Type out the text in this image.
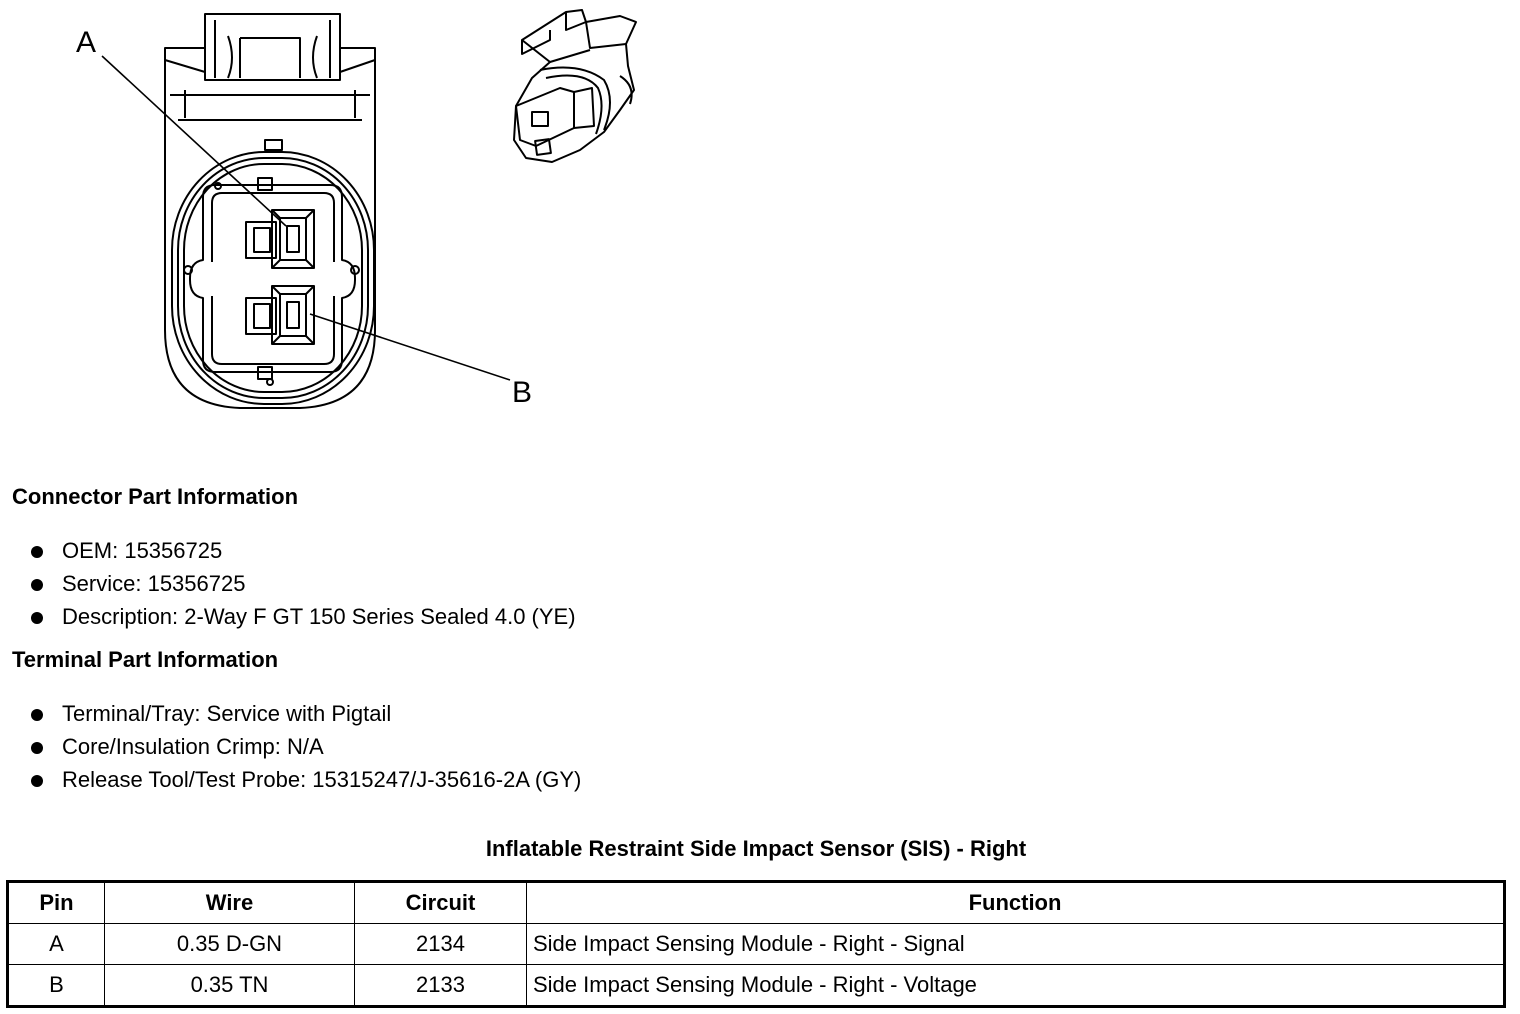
A
B
Connector Part Information
OEM: 15356725
Service: 15356725
Description: 2-Way F GT 150 Series Sealed 4.0 (YE)
Terminal Part Information
Terminal/Tray: Service with Pigtail
Core/Insulation Crimp: N/A
Release Tool/Test Probe: 15315247/J-35616-2A (GY)
Inflatable Restraint Side Impact Sensor (SIS) - Right
Pin	Wire	Circuit	Function
A	0.35 D-GN	2134	Side Impact Sensing Module - Right - Signal
B	0.35 TN	2133	Side Impact Sensing Module - Right - Voltage
